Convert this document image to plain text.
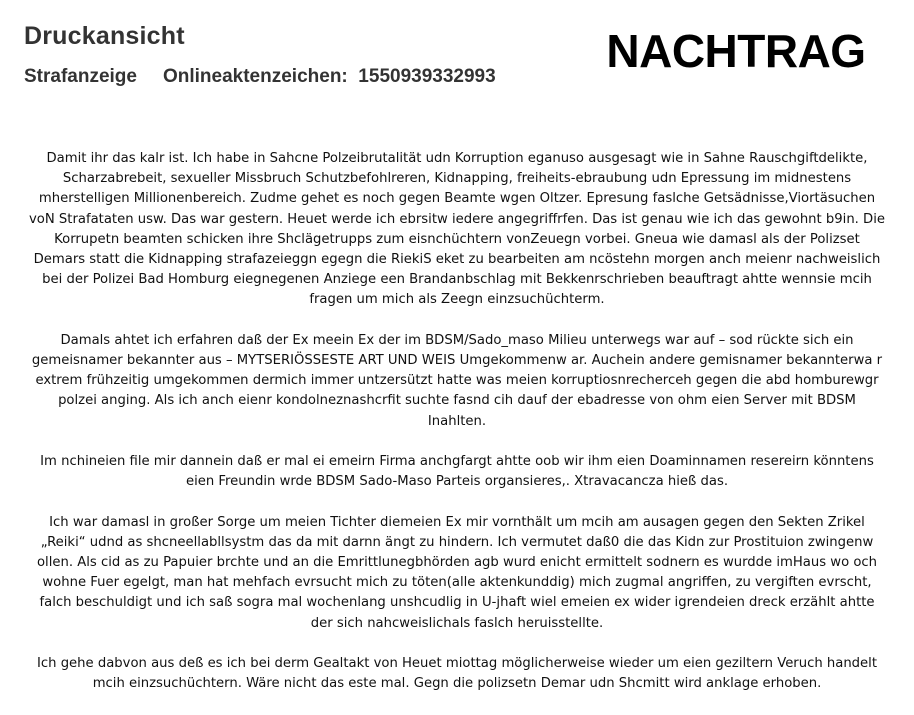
Druckansicht
Strafanzeige Onlineaktenzeichen:  1550939332993 NACHTRAG

Damit ihr das kalr ist. Ich habe in Sahcne Polzeibrutalität udn Korruption eganuso ausgesagt wie in Sahne Rauschgiftdelikte,
Scharzabrebeit, sexueller Missbruch Schutzbefohlreren, Kidnapping, freiheits-ebraubung udn Epressung im midnestens
mherstelligen Millionenbereich. Zudme gehet es noch gegen Beamte wgen Oltzer. Epresung faslche Getsädnisse,Viortäsuchen
voN Strafataten usw. Das war gestern. Heuet werde ich ebrsitw iedere angegriffrfen. Das ist genau wie ich das gewohnt b9in. Die
Korrupetn beamten schicken ihre Shclägetrupps zum eisnchüchtern vonZeuegn vorbei. Gneua wie damasl als der Polizset
Demars statt die Kidnapping strafazeieggn egegn die RiekiS eket zu bearbeiten am ncöstehn morgen anch meienr nachweislich
bei der Polizei Bad Homburg eiegnegenen Anziege een Brandanbschlag mit Bekkenrschrieben beauftragt ahtte wennsie mcih
fragen um mich als Zeegn einzsuchüchterm.

Damals ahtet ich erfahren daß der Ex meein Ex der im BDSM/Sado_maso Milieu unterwegs war auf – sod rückte sich ein
gemeisnamer bekannter aus – MYTSERIÖSSESTE ART UND WEIS Umgekommenw ar. Auchein andere gemisnamer bekannterwa r
extrem frühzeitig umgekommen dermich immer untzersützt hatte was meien korruptiosnrecherceh gegen die abd homburewgr
polzei anging. Als ich anch eienr kondolneznashcrfit suchte fasnd cih dauf der ebadresse von ohm eien Server mit BDSM
Inahlten.

Im nchineien file mir dannein daß er mal ei emeirn Firma anchgfargt ahtte oob wir ihm eien Doaminnamen resereirn könntens
eien Freundin wrde BDSM Sado-Maso Parteis organsieres,. Xtravacancza hieß das.

Ich war damasl in großer Sorge um meien Tichter diemeien Ex mir vornthält um mcih am ausagen gegen den Sekten Zrikel
„Reiki“ udnd as shcneellabllsystm das da mit darnn ängt zu hindern. Ich vermutet daß0 die das Kidn zur Prostituion zwingenw
ollen. Als cid as zu Papuier brchte und an die Emrittlunegbhörden agb wurd enicht ermittelt sodnern es wurdde imHaus wo och
wohne Fuer egelgt, man hat mehfach evrsucht mich zu töten(alle aktenkunddig) mich zugmal angriffen, zu vergiften evrscht,
falch beschuldigt und ich saß sogra mal wochenlang unshcudlig in U-jhaft wiel emeien ex wider igrendeien dreck erzählt ahtte
der sich nahcweislichals faslch heruisstellte.

Ich gehe dabvon aus deß es ich bei derm Gealtakt von Heuet miottag möglicherweise wieder um eien geziltern Veruch handelt
mcih einzsuchüchtern. Wäre nicht das este mal. Gegn die polizsetn Demar udn Shcmitt wird anklage erhoben.
